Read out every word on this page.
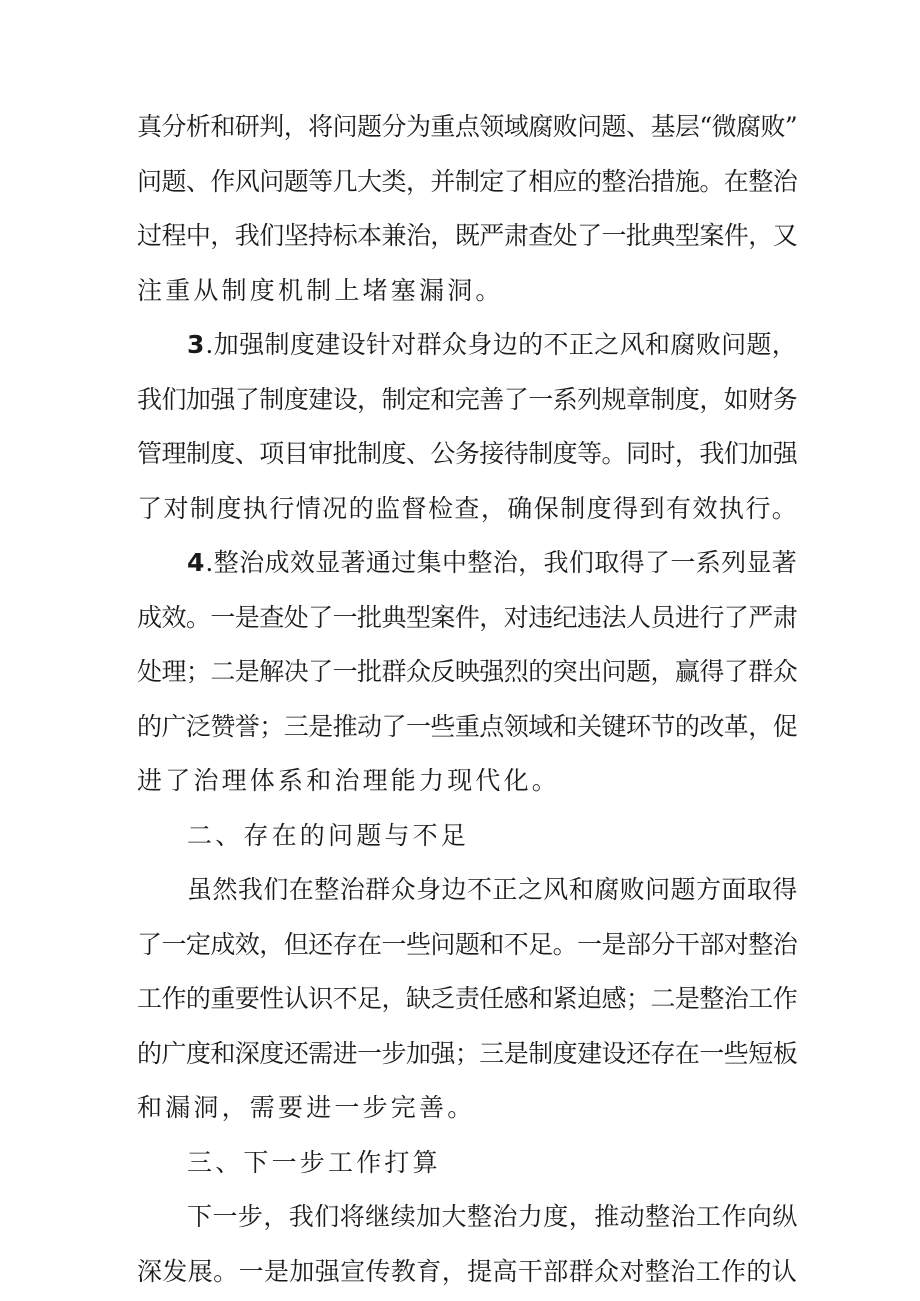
真分析和研判，将问题分为重点领域腐败问题、基层“微腐败”
问题、作风问题等几大类，并制定了相应的整治措施。在整治
过程中，我们坚持标本兼治，既严肃查处了一批典型案件，又
注重从制度机制上堵塞漏洞。
3.加强制度建设针对群众身边的不正之风和腐败问题，
我们加强了制度建设，制定和完善了一系列规章制度，如财务
管理制度、项目审批制度、公务接待制度等。同时，我们加强
了对制度执行情况的监督检查，确保制度得到有效执行。
4.整治成效显著通过集中整治，我们取得了一系列显著
成效。一是查处了一批典型案件，对违纪违法人员进行了严肃
处理；二是解决了一批群众反映强烈的突出问题，赢得了群众
的广泛赞誉；三是推动了一些重点领域和关键环节的改革，促
进了治理体系和治理能力现代化。
二、存在的问题与不足
虽然我们在整治群众身边不正之风和腐败问题方面取得
了一定成效，但还存在一些问题和不足。一是部分干部对整治
工作的重要性认识不足，缺乏责任感和紧迫感；二是整治工作
的广度和深度还需进一步加强；三是制度建设还存在一些短板
和漏洞，需要进一步完善。
三、下一步工作打算
下一步，我们将继续加大整治力度，推动整治工作向纵
深发展。一是加强宣传教育，提高干部群众对整治工作的认
